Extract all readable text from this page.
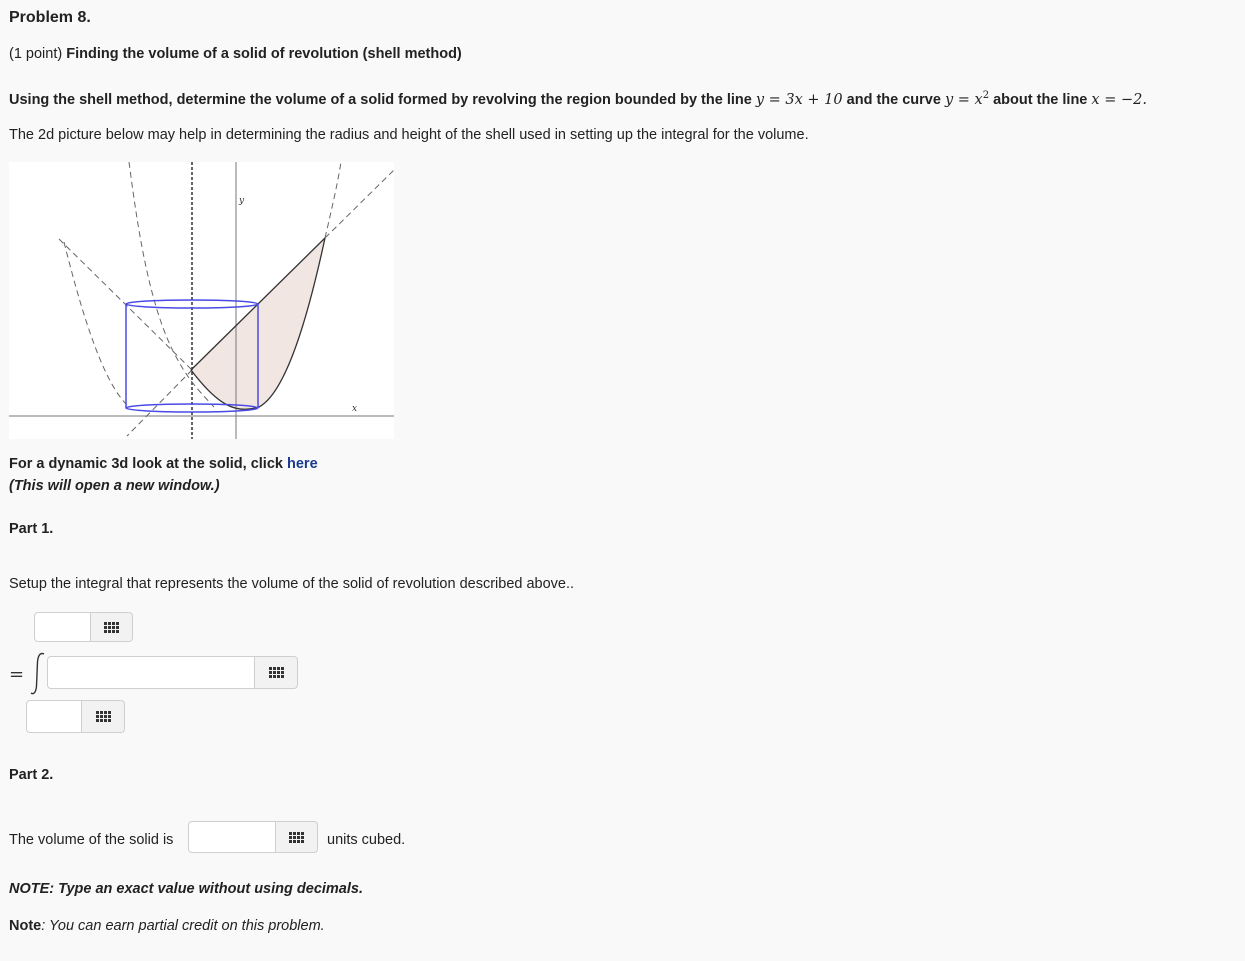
Problem 8.
(1 point) Finding the volume of a solid of revolution (shell method)
Using the shell method, determine the volume of a solid formed by revolving the region bounded by the line y = 3x + 10 and the curve $y = x^2$ about the line x = −2.
The 2d picture below may help in determining the radius and height of the shell used in setting up the integral for the volume.
y
x
For a dynamic 3d look at the solid, click here
(This will open a new window.)
Part 1.
Setup the integral that represents the volume of the solid of revolution described above..
=
Part 2.
The volume of the solid is	units cubed.
NOTE: Type an exact value without using decimals.
Note: You can earn partial credit on this problem.
